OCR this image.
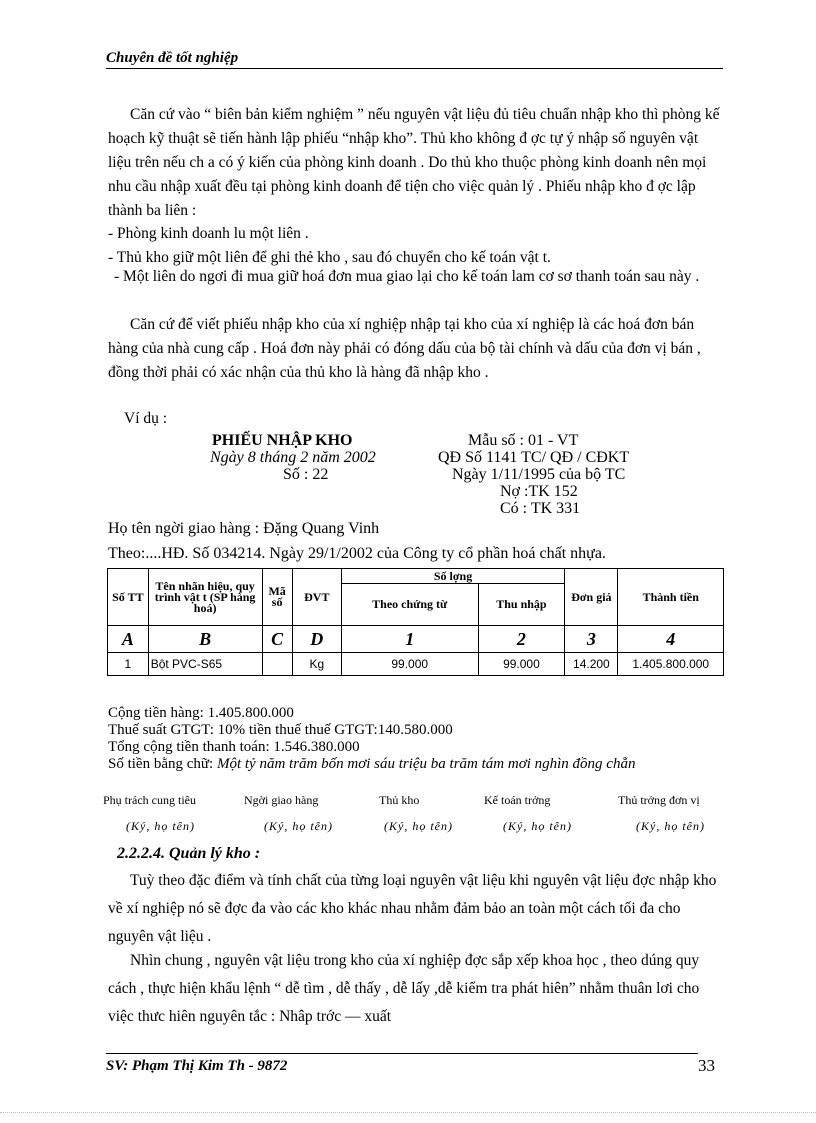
Chuyên đề tốt nghiệp

Căn cứ vào “ biên bản kiểm nghiệm ” nếu nguyên vật liệu đủ tiêu chuẩn nhập kho thì phòng kế hoạch kỹ thuật sẽ tiến hành lập phiếu “nhập kho”. Thủ kho không đ ợc tự ý nhập số nguyên vật liệu trên nếu ch a có ý kiến của phòng kinh doanh . Do thủ kho thuộc phòng kinh doanh nên mọi nhu cầu nhập xuất đều tại phòng kinh doanh để tiện cho việc quản lý . Phiếu nhập kho đ ợc lập thành ba liên :

- Phòng kinh doanh lu một liên .
- Thủ kho giữ một liên để ghi thẻ kho , sau đó chuyển cho kế toán vật t.

- Một liên do ngơi đi mua giữ hoá đơn mua giao lại cho kế toán lam cơ sơ thanh toán sau này .

Căn cứ để viết phiếu nhập kho của xí nghiệp nhập tại kho của xí nghiệp là các hoá đơn bán hàng của nhà cung cấp . Hoá đơn này phải có đóng dấu của bộ tài chính và dấu của đơn vị bán , đồng thời phải có xác nhận của thủ kho là hàng đã nhập kho .

Ví dụ :
PHIẾU NHẬP KHO
Ngày 8 tháng 2 năm 2002
Số : 22
Mẫu số : 01 - VT
QĐ Số 1141 TC/ QĐ / CĐKT
Ngày 1/11/1995 của bộ TC
Nợ :TK 152
Có : TK 331
Họ tên ngời giao hàng : Đặng Quang Vinh
Theo:....HĐ. Số 034214. Ngày 29/1/2002 của Công ty cổ phần hoá chất nhựa.
Số TT	Tên nhãn hiệu, quy trình vật t (SP hàng hoá)	Mã số	ĐVT	Số lợng		Đơn giá	Thành tiền
				Theo chứng từ	Thu nhập		
A	B	C	D	1	2	3	4
1	Bột PVC-S65		Kg	99.000	99.000	14.200	1.405.800.000
Cộng tiền hàng: 1.405.800.000
Thuế suất GTGT: 10% tiền thuế thuế GTGT:140.580.000
Tổng cộng tiền thanh toán: 1.546.380.000
Số tiền bằng chữ: Một tỷ năm trăm bốn mơi sáu triệu ba trăm tám mơi nghìn đồng chẵn
Phụ trách cung tiêu	Ngời giao hàng	Thủ kho	Kế toán trởng	Thủ trởng đơn vị
(Ký, họ tên)	(Ký, họ tên)	(Ký, họ tên)	(Ký, họ tên)	(Ký, họ tên)
2.2.2.4. Quản lý kho :

Tuỳ theo đặc điểm và tính chất của từng loại nguyên vật liệu khi nguyên vật liệu đợc nhập kho về xí nghiệp nó sẽ đợc đa vào các kho khác nhau nhằm đảm bảo an toàn một cách tối đa cho nguyên vật liệu .

Nhìn chung , nguyên vật liệu trong kho của xí nghiệp đợc sắp xếp khoa học , theo dúng quy cách , thực hiện khẩu lệnh “ dễ tìm , dễ thấy , dễ lấy ,dễ kiểm tra phát hiên” nhằm thuân lơi cho việc thưc hiên nguyên tắc : Nhâp trớc — xuất

SV: Phạm Thị Kim Th - 9872	33
